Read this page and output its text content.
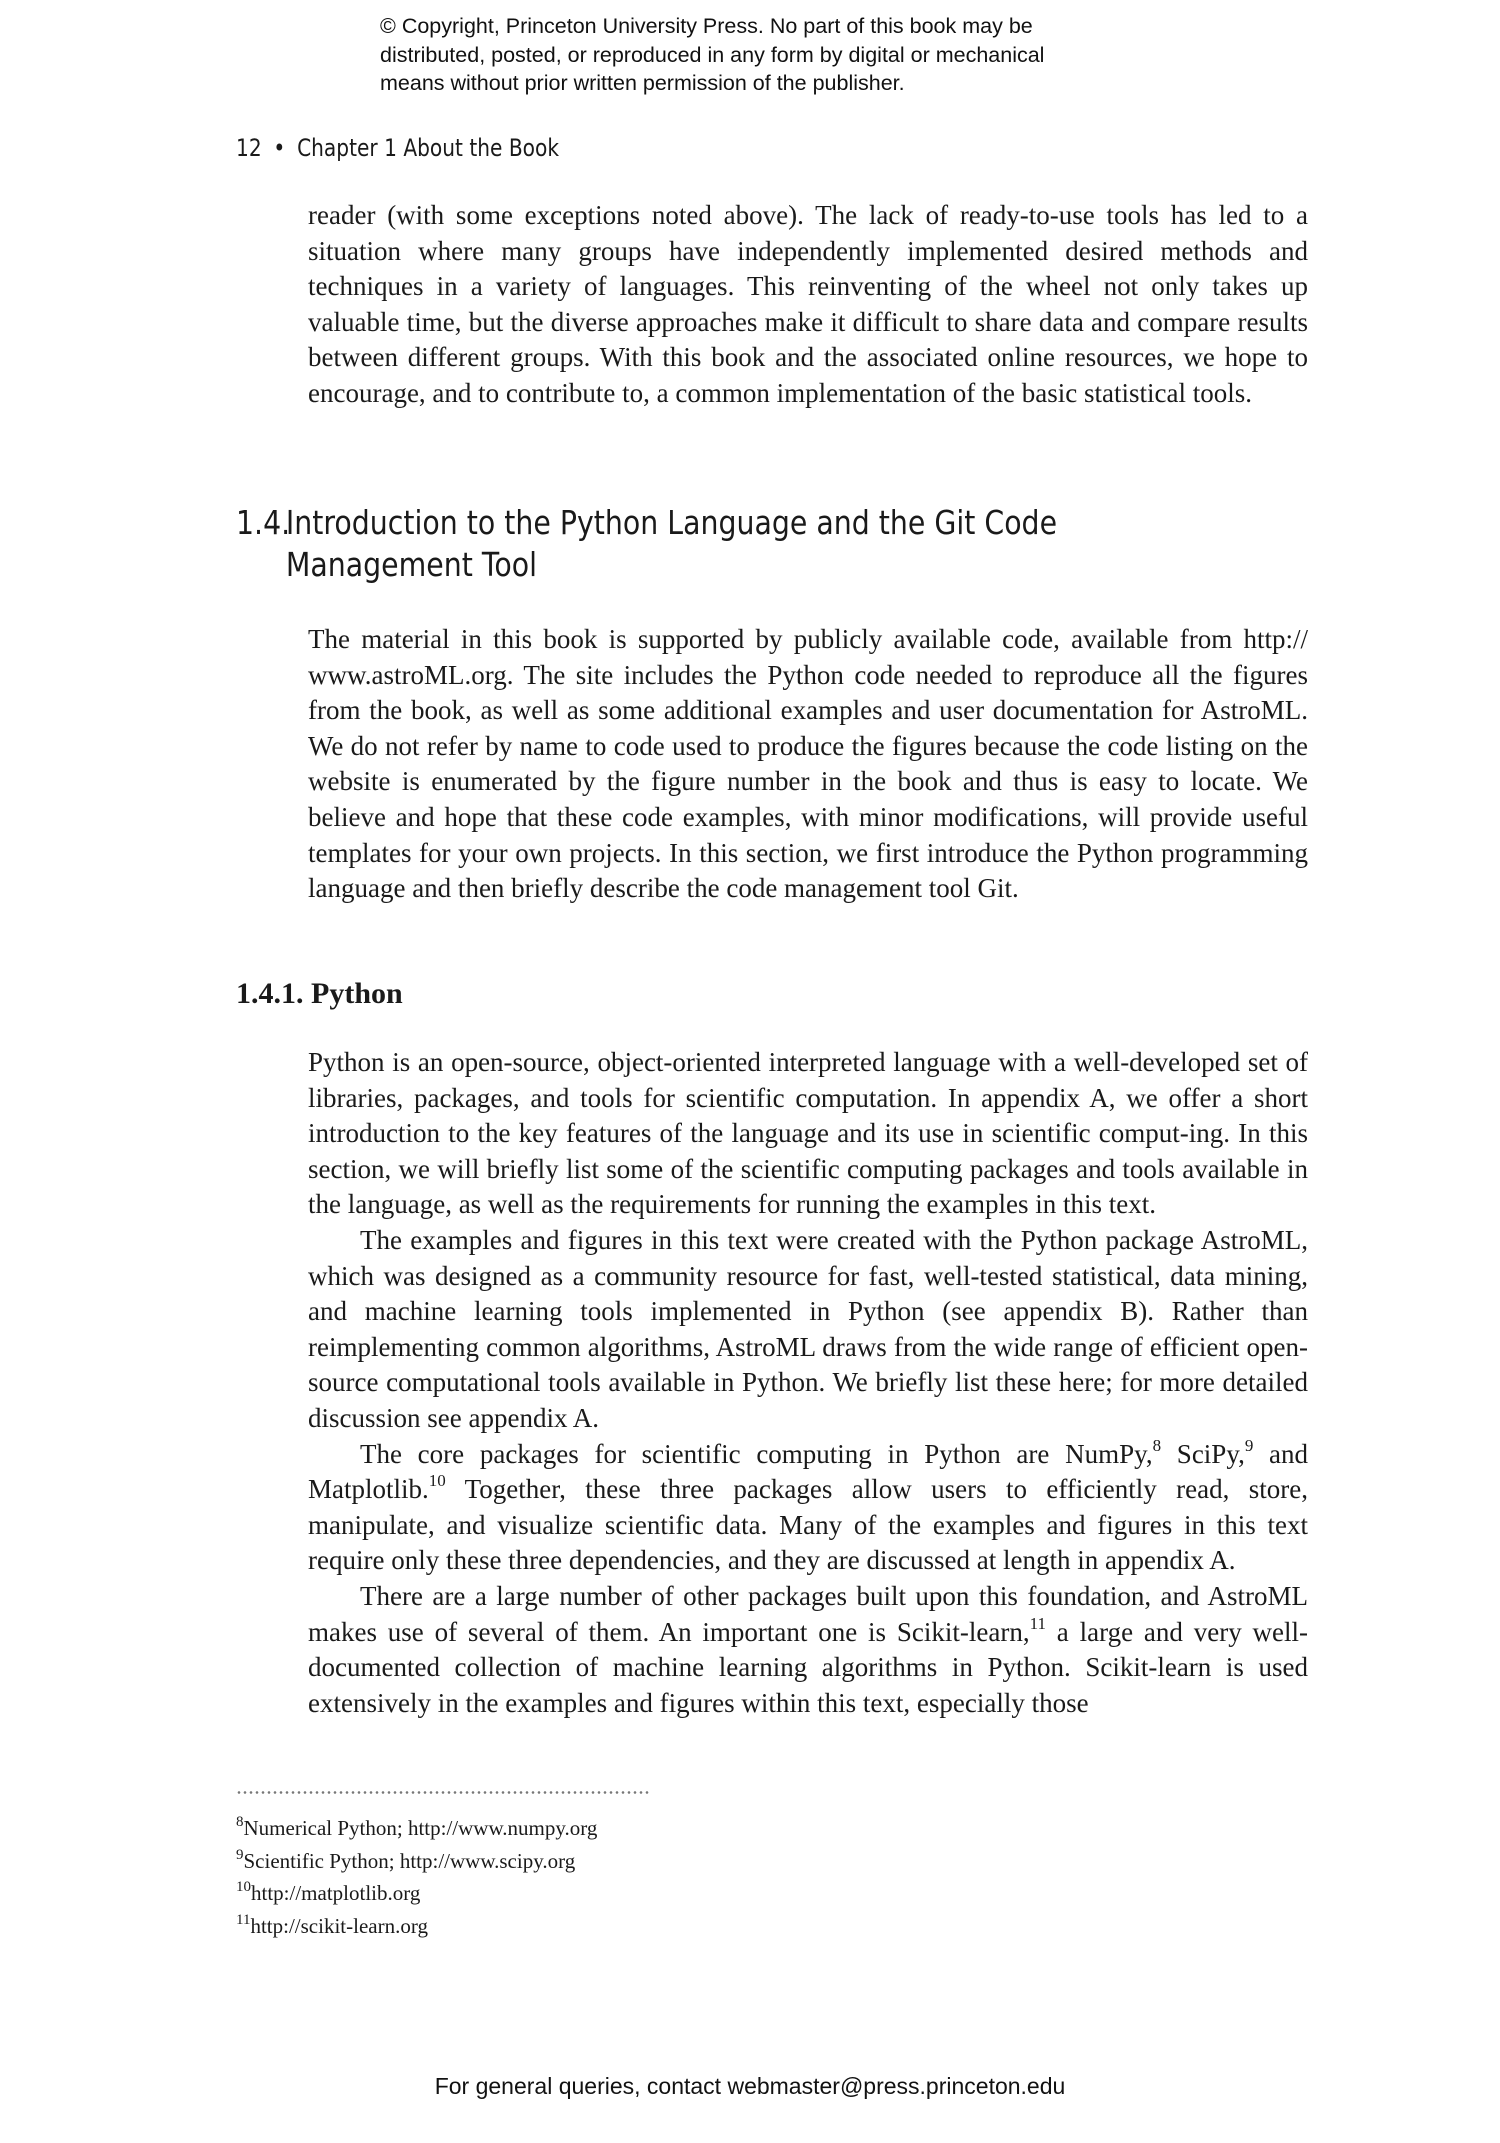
© Copyright, Princeton University Press. No part of this book may be
distributed, posted, or reproduced in any form by digital or mechanical
means without prior written permission of the publisher.
12 • Chapter 1 About the Book

reader (with some exceptions noted above). The lack of ready-to-use tools has led to a situation where many groups have independently implemented desired methods and techniques in a variety of languages. This reinventing of the wheel not only takes up valuable time, but the diverse approaches make it difficult to share data and compare results between different groups. With this book and the associated online resources, we hope to encourage, and to contribute to, a common implementation of the basic statistical tools.

1.4.Introduction to the Python Language and the Git Code
Management Tool

The material in this book is supported by publicly available code, available from http:// www.astroML.org. The site includes the Python code needed to reproduce all the figures from the book, as well as some additional examples and user documentation for AstroML. We do not refer by name to code used to produce the figures because the code listing on the website is enumerated by the figure number in the book and thus is easy to locate. We believe and hope that these code examples, with minor modifications, will provide useful templates for your own projects. In this section, we first introduce the Python programming language and then briefly describe the code management tool Git.

1.4.1. Python
Python is an open-source, object-oriented interpreted language with a well-developed set of libraries, packages, and tools for scientific computation. In appendix A, we offer a short introduction to the key features of the language and its use in scientific comput-ing. In this section, we will briefly list some of the scientific computing packages and tools available in the language, as well as the requirements for running the examples in this text.
The examples and figures in this text were created with the Python package AstroML, which was designed as a community resource for fast, well-tested statistical, data mining, and machine learning tools implemented in Python (see appendix B). Rather than reimplementing common algorithms, AstroML draws from the wide range of efficient open-source computational tools available in Python. We briefly list these here; for more detailed discussion see appendix A.
The core packages for scientific computing in Python are NumPy,$^8$ SciPy,$^9$ and Matplotlib.$^{10}$ Together, these three packages allow users to efficiently read, store, manipulate, and visualize scientific data. Many of the examples and figures in this text require only these three dependencies, and they are discussed at length in appendix A.
There are a large number of other packages built upon this foundation, and AstroML makes use of several of them. An important one is Scikit-learn,$^{11}$ a large and very well-documented collection of machine learning algorithms in Python. Scikit-learn is used extensively in the examples and figures within this text, especially those
$^8$Numerical Python; http://www.numpy.org
$^9$Scientific Python; http://www.scipy.org
$^{10}$http://matplotlib.org
$^{11}$http://scikit-learn.org
For general queries, contact webmaster@press.princeton.edu
